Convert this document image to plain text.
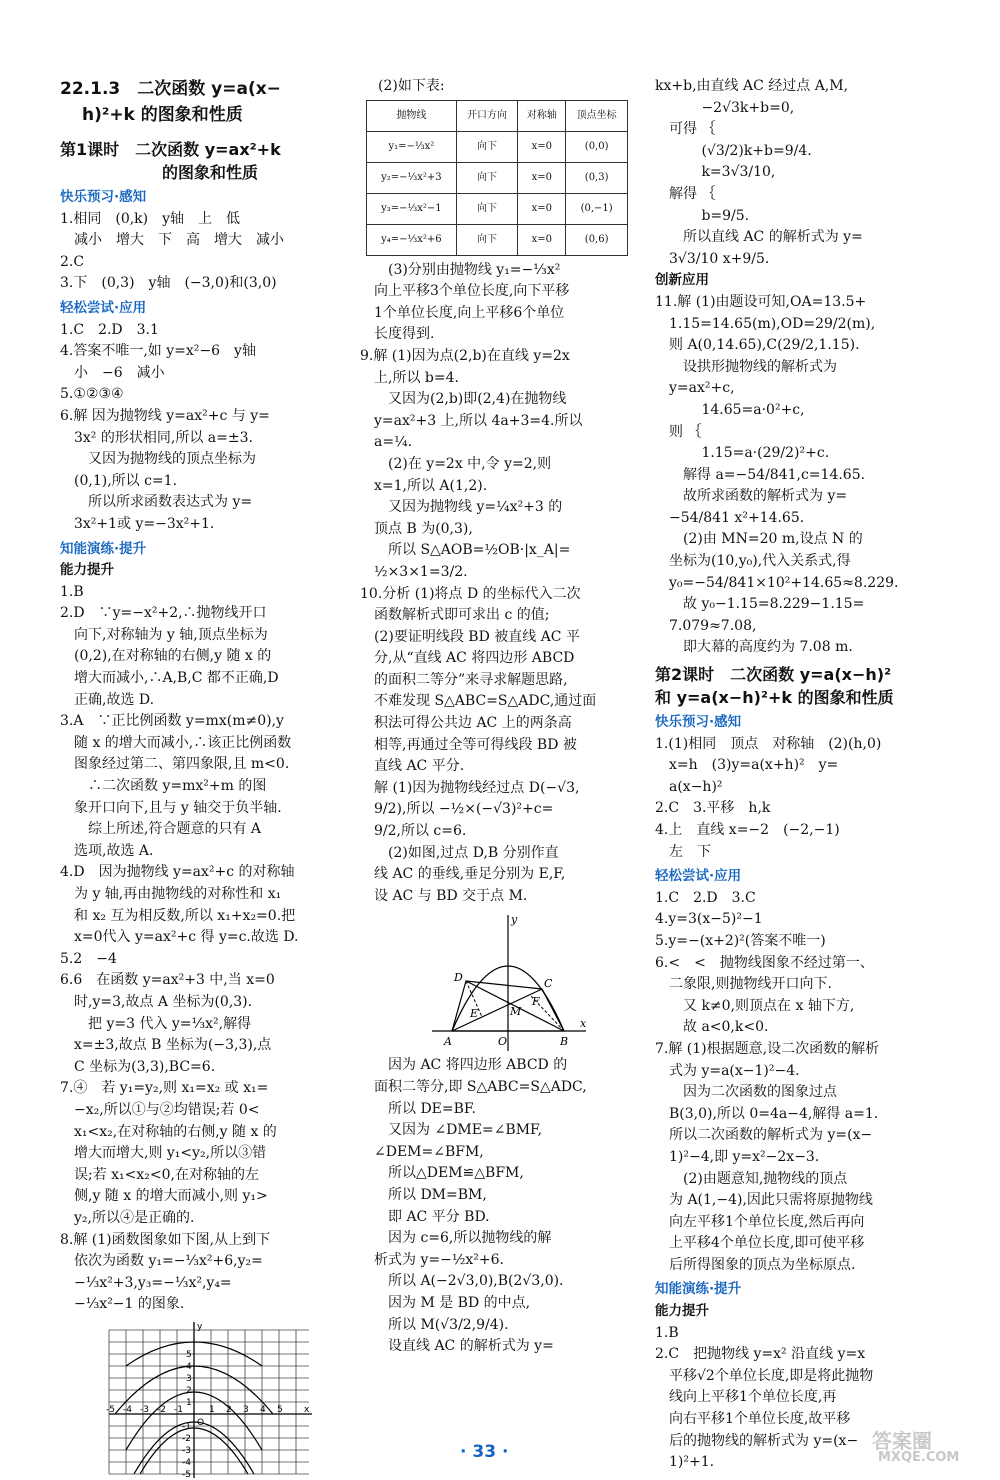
22.1.3　二次函数 y=a(x−
h)²+k 的图象和性质
第1课时　二次函数 y=ax²+k
的图象和性质
快乐预习·感知
1.相同　(0,k)　y轴　上　低
　减小　增大　下　高　增大　减小
2.C
3.下　(0,3)　y轴　(−3,0)和(3,0)
轻松尝试·应用
1.C　2.D　3.1
4.答案不唯一,如 y=x²−6　y轴
　小　−6　减小
5.①②③④
6.解 因为抛物线 y=ax²+c 与 y=
　3x² 的形状相同,所以 a=±3.
　　又因为抛物线的顶点坐标为
　(0,1),所以 c=1.
　　所以所求函数表达式为 y=
　3x²+1或 y=−3x²+1.
知能演练·提升
能力提升
1.B
2.D　∵y=−x²+2,∴抛物线开口
　向下,对称轴为 y 轴,顶点坐标为
　(0,2),在对称轴的右侧,y 随 x 的
　增大而减小,∴A,B,C 都不正确,D
　正确,故选 D.
3.A　∵正比例函数 y=mx(m≠0),y
　随 x 的增大而减小,∴该正比例函数
　图象经过第二、第四象限,且 m<0.
　　∴二次函数 y=mx²+m 的图
　象开口向下,且与 y 轴交于负半轴.
　　综上所述,符合题意的只有 A
　选项,故选 A.
4.D　因为抛物线 y=ax²+c 的对称轴
　为 y 轴,再由抛物线的对称性和 x₁
　和 x₂ 互为相反数,所以 x₁+x₂=0.把
　x=0代入 y=ax²+c 得 y=c.故选 D.
5.2　−4
6.6　在函数 y=ax²+3 中,当 x=0
　时,y=3,故点 A 坐标为(0,3).
　　把 y=3 代入 y=⅓x²,解得
　x=±3,故点 B 坐标为(−3,3),点
　C 坐标为(3,3),BC=6.
7.④　若 y₁=y₂,则 x₁=x₂ 或 x₁=
　−x₂,所以①与②均错误;若 0<
　x₁<x₂,在对称轴的右侧,y 随 x 的
　增大而增大,则 y₁<y₂,所以③错
　误;若 x₁<x₂<0,在对称轴的左
　侧,y 随 x 的增大而减小,则 y₁>
　y₂,所以④是正确的.
8.解 (1)函数图象如下图,从上到下
　依次为函数 y₁=−⅓x²+6,y₂=
　−⅓x²+3,y₃=−⅓x²,y₄=
　−⅓x²−1 的图象.
y
x
O
5
4
3
2
1
-1
-2
-3
-4
-5
-5 -4 -3 -2 -1	1 2 3 4 5
(2)如下表:
抛物线	开口方向	对称轴	顶点坐标
y₁=−⅓x²	向下	x=0	(0,0)
y₂=−⅓x²+3	向下	x=0	(0,3)
y₃=−⅓x²−1	向下	x=0	(0,−1)
y₄=−⅓x²+6	向下	x=0	(0,6)
　　(3)分别由抛物线 y₁=−⅓x²
　向上平移3个单位长度,向下平移
　1个单位长度,向上平移6个单位
　长度得到.
9.解 (1)因为点(2,b)在直线 y=2x
　上,所以 b=4.
　　又因为(2,b)即(2,4)在抛物线
　y=ax²+3 上,所以 4a+3=4.所以
　a=¼.
　　(2)在 y=2x 中,令 y=2,则
　x=1,所以 A(1,2).
　　又因为抛物线 y=¼x²+3 的
　顶点 B 为(0,3),
　　所以 S△AOB=½OB·|x_A|=
　½×3×1=3/2.
10.分析 (1)将点 D 的坐标代入二次
　函数解析式即可求出 c 的值;
　(2)要证明线段 BD 被直线 AC 平
　分,从“直线 AC 将四边形 ABCD
　的面积二等分”来寻求解题思路,
　不难发现 S△ABC=S△ADC,通过面
　积法可得公共边 AC 上的两条高
　相等,再通过全等可得线段 BD 被
　直线 AC 平分.
　解 (1)因为抛物线经过点 D(−√3,
　9/2),所以 −½×(−√3)²+c=
　9/2,所以 c=6.
　　(2)如图,过点 D,B 分别作直
　线 AC 的垂线,垂足分别为 E,F,
　设 AC 与 BD 交于点 M.
y
x
D	C
E
F
M
A	O	B
　　因为 AC 将四边形 ABCD 的
　面积二等分,即 S△ABC=S△ADC,
　　所以 DE=BF.
　　又因为 ∠DME=∠BMF,
　∠DEM=∠BFM,
　　所以△DEM≌△BFM,
　　所以 DM=BM,
　　即 AC 平分 BD.
　　因为 c=6,所以抛物线的解
　析式为 y=−½x²+6.
　　所以 A(−2√3,0),B(2√3,0).
　　因为 M 是 BD 的中点,
　　所以 M(√3/2,9/4).
　　设直线 AC 的解析式为 y=
kx+b,由直线 AC 经过点 A,M,
　　　 −2√3k+b=0,
　可得 ｛
　　　 (√3/2)k+b=9/4.
　　　 k=3√3/10,
　解得 ｛
　　　 b=9/5.
　　所以直线 AC 的解析式为 y=
　3√3/10 x+9/5.
创新应用
11.解 (1)由题设可知,OA=13.5+
　1.15=14.65(m),OD=29/2(m),
　则 A(0,14.65),C(29/2,1.15).
　　设拱形抛物线的解析式为
　y=ax²+c,
　　　 14.65=a·0²+c,
　则 ｛
　　　 1.15=a·(29/2)²+c.
　　解得 a=−54/841,c=14.65.
　　故所求函数的解析式为 y=
　−54/841 x²+14.65.
　　(2)由 MN=20 m,设点 N 的
　坐标为(10,y₀),代入关系式,得
　y₀=−54/841×10²+14.65≈8.229.
　　故 y₀−1.15=8.229−1.15=
　7.079≈7.08,
　　即大幕的高度约为 7.08 m.
第2课时　二次函数 y=a(x−h)²
和 y=a(x−h)²+k 的图象和性质
快乐预习·感知
1.(1)相同　顶点　对称轴　(2)(h,0)
　x=h　(3)y=a(x+h)²　y=
　a(x−h)²
2.C　3.平移　h,k
4.上　直线 x=−2　(−2,−1)
　左　下
轻松尝试·应用
1.C　2.D　3.C
4.y=3(x−5)²−1
5.y=−(x+2)²(答案不唯一)
6.<　<　抛物线图象不经过第一、
　二象限,则抛物线开口向下.
　　又 k≠0,则顶点在 x 轴下方,
　　故 a<0,k<0.
7.解 (1)根据题意,设二次函数的解析
　式为 y=a(x−1)²−4.
　　因为二次函数的图象过点
　B(3,0),所以 0=4a−4,解得 a=1.
　所以二次函数的解析式为 y=(x−
　1)²−4,即 y=x²−2x−3.
　　(2)由题意知,抛物线的顶点
　为 A(1,−4),因此只需将原抛物线
　向左平移1个单位长度,然后再向
　上平移4个单位长度,即可使平移
　后所得图象的顶点为坐标原点.
知能演练·提升
能力提升
1.B
2.C　把抛物线 y=x² 沿直线 y=x
　平移√2个单位长度,即是将此抛物
　线向上平移1个单位长度,再
　向右平移1个单位长度,故平移
　后的抛物线的解析式为 y=(x−
　1)²+1.
· 33 ·	答案圈
MXQE.COM
